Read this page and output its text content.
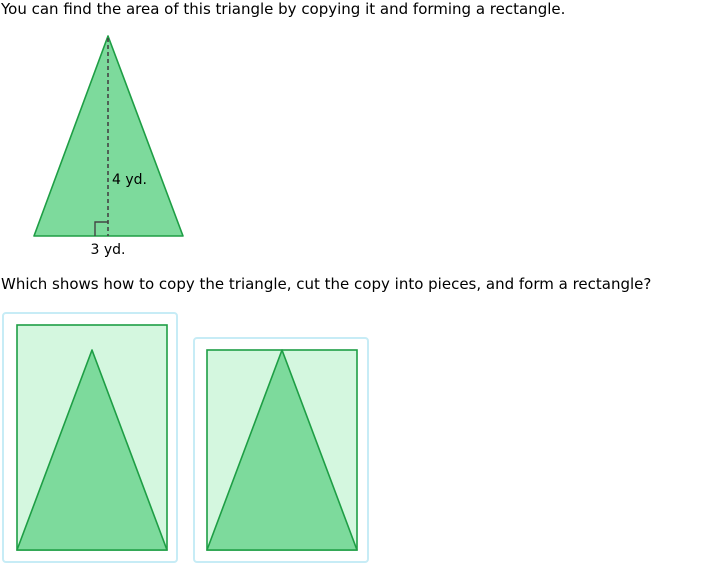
You can find the area of this triangle by copying it and forming a rectangle.

4 yd.
3 yd.

Which shows how to copy the triangle, cut the copy into pieces, and form a rectangle?
